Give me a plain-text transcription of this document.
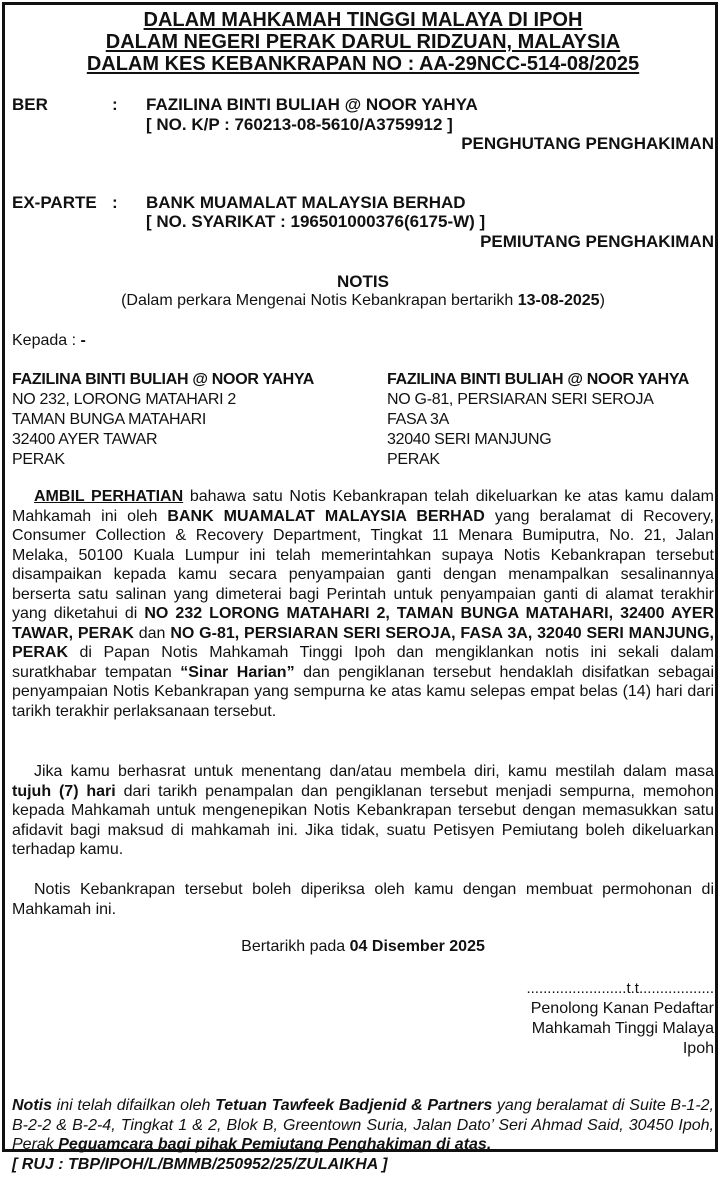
DALAM MAHKAMAH TINGGI MALAYA DI IPOH
DALAM NEGERI PERAK DARUL RIDZUAN, MALAYSIA
DALAM KES KEBANKRAPAN NO : AA-29NCC-514-08/2025
BER	: FAZILINA BINTI BULIAH @ NOOR YAHYA
[ NO. K/P : 760213-08-5610/A3759912 ]
PENGHUTANG PENGHAKIMAN
EX-PARTE : BANK MUAMALAT MALAYSIA BERHAD
[ NO. SYARIKAT : 196501000376(6175-W) ]
PEMIUTANG PENGHAKIMAN
NOTIS
(Dalam perkara Mengenai Notis Kebankrapan bertarikh 13-08-2025)
Kepada : -
FAZILINA BINTI BULIAH @ NOOR YAHYA
NO 232, LORONG MATAHARI 2
TAMAN BUNGA MATAHARI
32400 AYER TAWAR
PERAK
FAZILINA BINTI BULIAH @ NOOR YAHYA
NO G-81, PERSIARAN SERI SEROJA
FASA 3A
32040 SERI MANJUNG
PERAK
AMBIL PERHATIAN bahawa satu Notis Kebankrapan telah dikeluarkan ke atas kamu dalam Mahkamah ini oleh BANK MUAMALAT MALAYSIA BERHAD yang beralamat di Recovery, Consumer Collection & Recovery Department, Tingkat 11 Menara Bumiputra, No. 21, Jalan Melaka, 50100 Kuala Lumpur ini telah memerintahkan supaya Notis Kebankrapan tersebut disampaikan kepada kamu secara penyampaian ganti dengan menampalkan sesalinannya berserta satu salinan yang dimeterai bagi Perintah untuk penyampaian ganti di alamat terakhir yang diketahui di NO 232 LORONG MATAHARI 2, TAMAN BUNGA MATAHARI, 32400 AYER TAWAR, PERAK dan NO G-81, PERSIARAN SERI SEROJA, FASA 3A, 32040 SERI MANJUNG, PERAK di Papan Notis Mahkamah Tinggi Ipoh dan mengiklankan notis ini sekali dalam suratkhabar tempatan “Sinar Harian” dan pengiklanan tersebut hendaklah disifatkan sebagai penyampaian Notis Kebankrapan yang sempurna ke atas kamu selepas empat belas (14) hari dari tarikh terakhir perlaksanaan tersebut.
Jika kamu berhasrat untuk menentang dan/atau membela diri, kamu mestilah dalam masa tujuh (7) hari dari tarikh penampalan dan pengiklanan tersebut menjadi sempurna, memohon kepada Mahkamah untuk mengenepikan Notis Kebankrapan tersebut dengan memasukkan satu afidavit bagi maksud di mahkamah ini. Jika tidak, suatu Petisyen Pemiutang boleh dikeluarkan terhadap kamu.
Notis Kebankrapan tersebut boleh diperiksa oleh kamu dengan membuat permohonan di Mahkamah ini.
Bertarikh pada 04 Disember 2025
........................t.t..................
Penolong Kanan Pedaftar
Mahkamah Tinggi Malaya
Ipoh
Notis ini telah difailkan oleh Tetuan Tawfeek Badjenid & Partners yang beralamat di Suite B-1-2, B-2-2 & B-2-4, Tingkat 1 & 2, Blok B, Greentown Suria, Jalan Dato’ Seri Ahmad Said, 30450 Ipoh, Perak Peguamcara bagi pihak Pemiutang Penghakiman di atas.
[ RUJ : TBP/IPOH/L/BMMB/250952/25/ZULAIKHA ]
